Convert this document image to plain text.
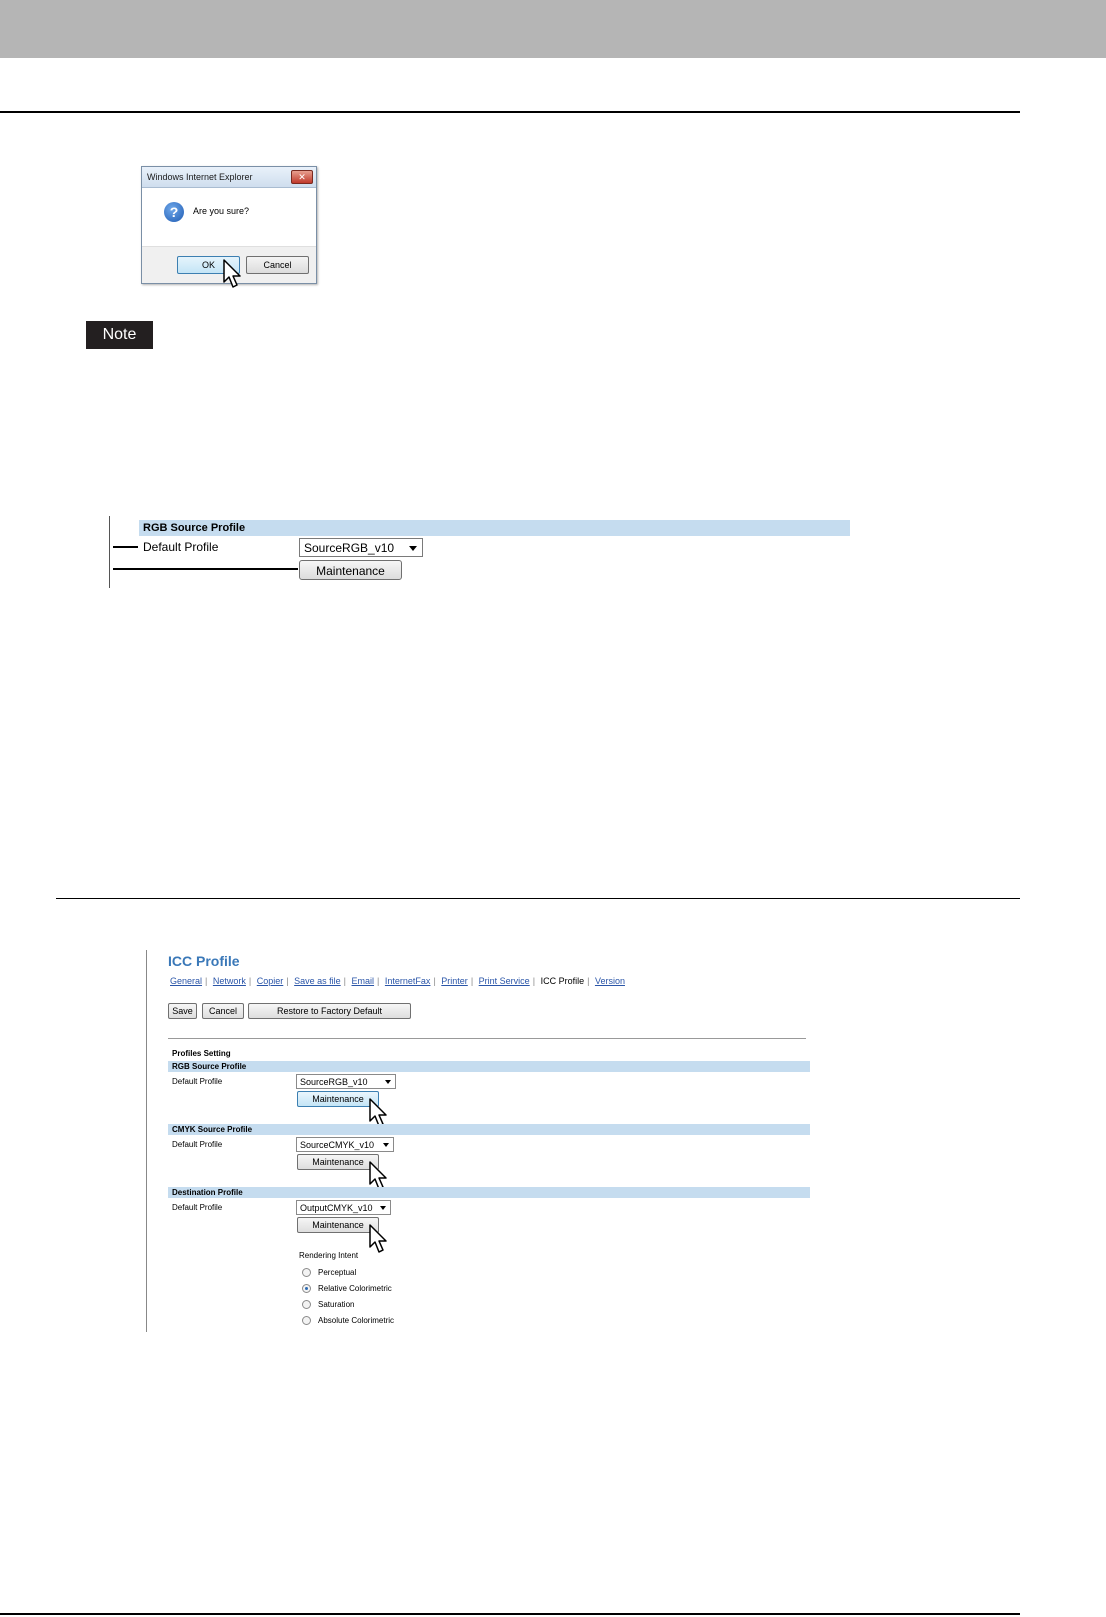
Windows Internet Explorer	✕
?	Are you sure?
OK	Cancel
Note
RGB Source Profile
Default Profile	SourceRGB_v10
Maintenance
ICC Profile
General | Network | Copier | Save as file | Email | InternetFax | Printer | Print Service | ICC Profile | Version
Save	Cancel	Restore to Factory Default
Profiles Setting
RGB Source Profile
Default Profile	SourceRGB_v10
Maintenance
CMYK Source Profile
Default Profile	SourceCMYK_v10
Maintenance
Destination Profile
Default Profile	OutputCMYK_v10
Maintenance
Rendering Intent
Perceptual
Relative Colorimetric
Saturation
Absolute Colorimetric
